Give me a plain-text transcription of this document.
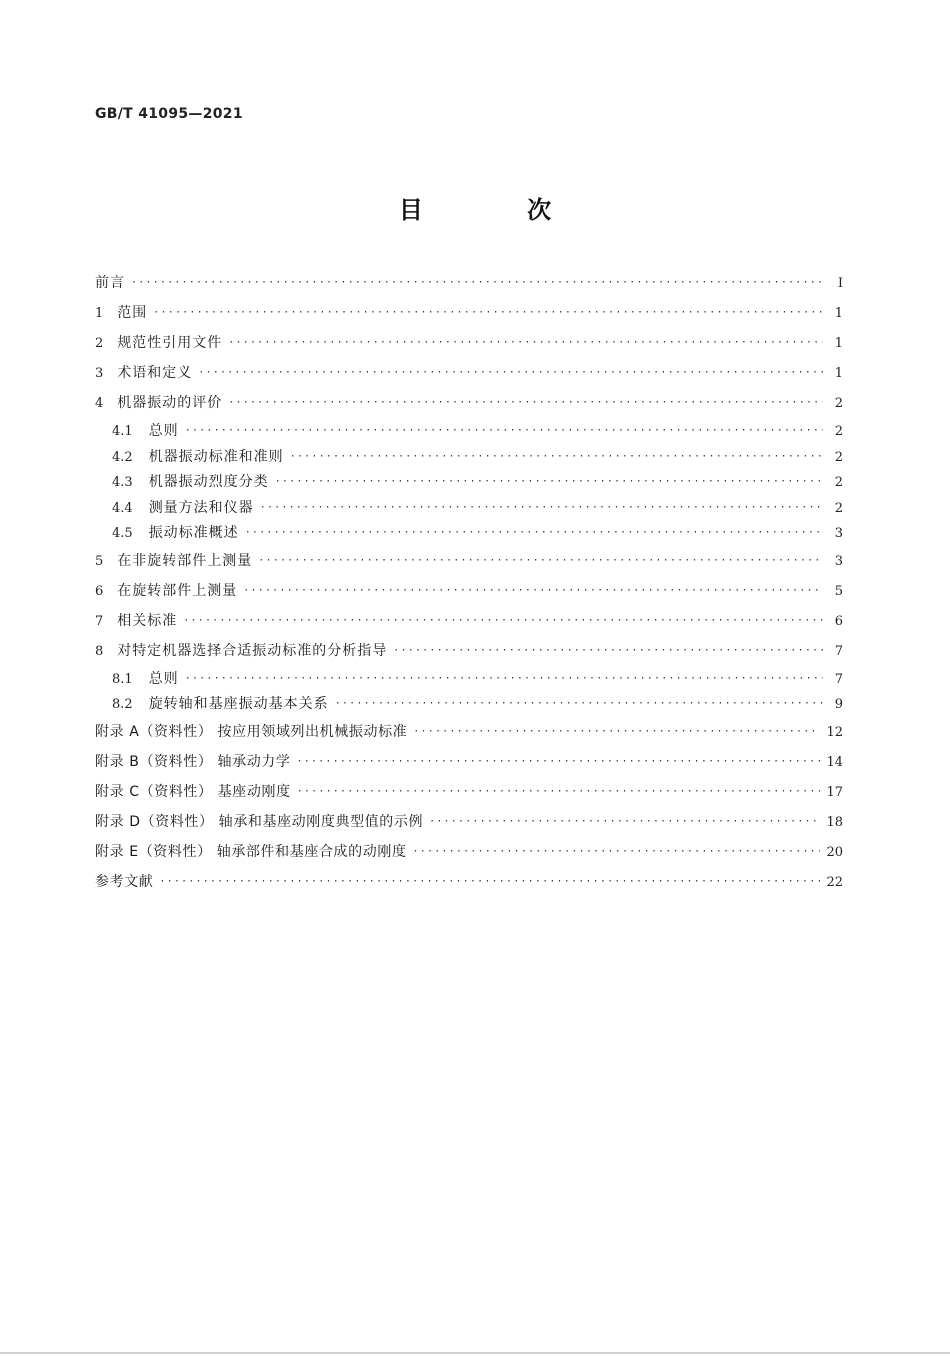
GB/T 41095—2021
目 次
前言 ·····	I
1 范围 ·····	1
2 规范性引用文件 ·····	1
3 术语和定义 ·····	1
4 机器振动的评价 ·····	2
4.1 总则 ·····	2
4.2 机器振动标准和准则 ·····	2
4.3 机器振动烈度分类 ·····	2
4.4 测量方法和仪器 ·····	2
4.5 振动标准概述 ·····	3
5 在非旋转部件上测量 ·····	3
6 在旋转部件上测量 ·····	5
7 相关标准 ·····	6
8 对特定机器选择合适振动标准的分析指导 ·····	7
8.1 总则 ·····	7
8.2 旋转轴和基座振动基本关系 ·····	9
附录 A（资料性） 按应用领域列出机械振动标准 ·····	12
附录 B（资料性） 轴承动力学 ·····	14
附录 C（资料性） 基座动刚度 ·····	17
附录 D（资料性） 轴承和基座动刚度典型值的示例 ·····	18
附录 E（资料性） 轴承部件和基座合成的动刚度 ·····	20
参考文献 ·····	22
